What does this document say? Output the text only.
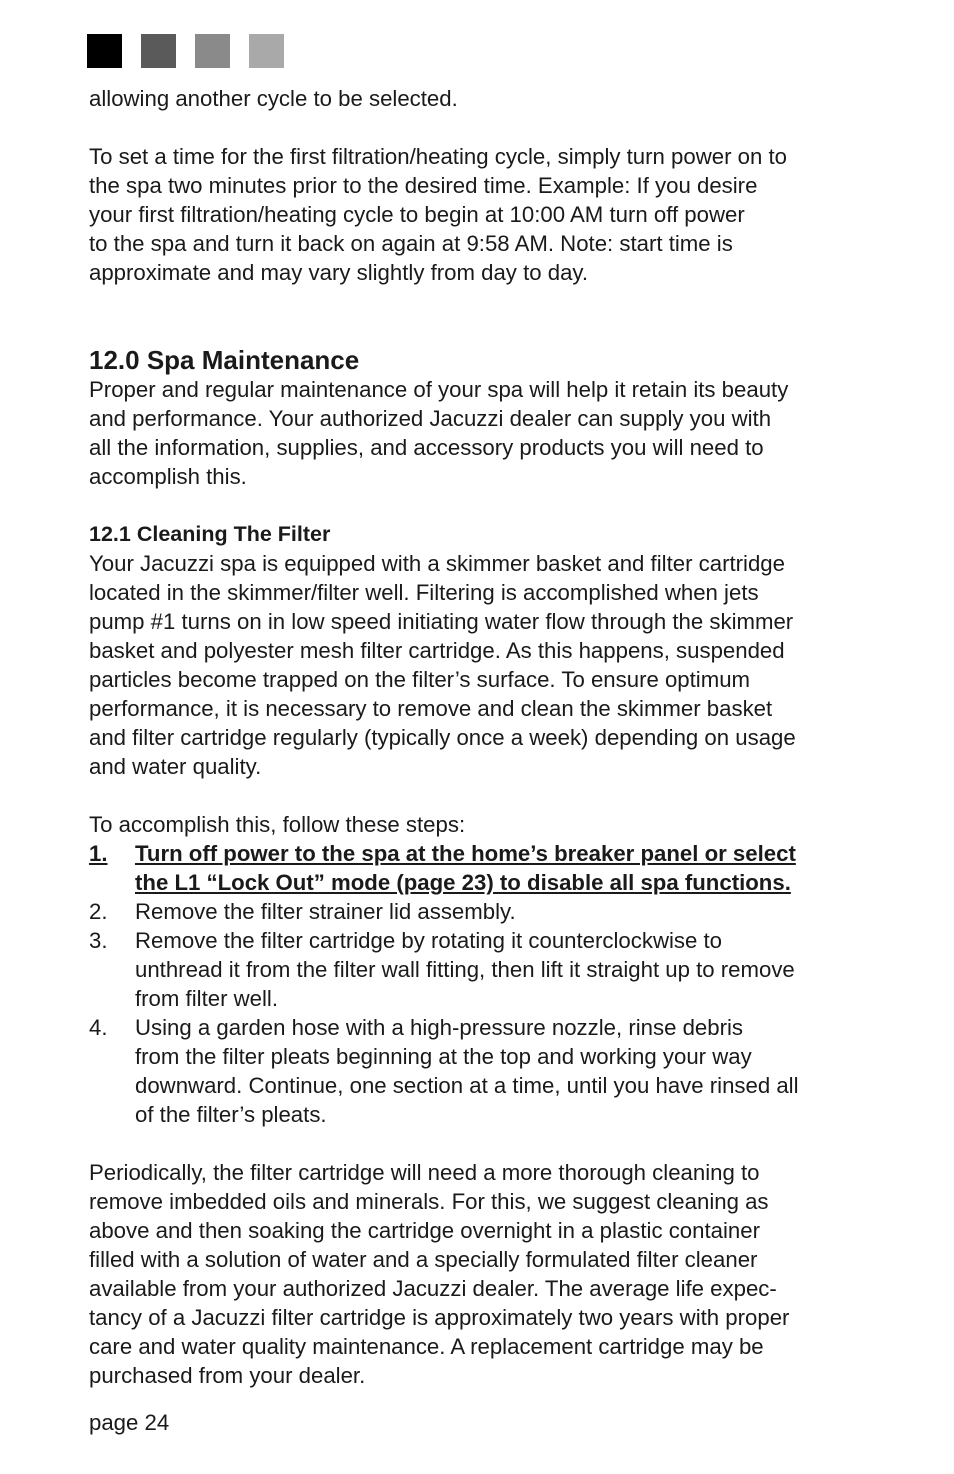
allowing another cycle to be selected.

To set a time for the first filtration/heating cycle, simply turn power on to
the spa two minutes prior to the desired time. Example: If you desire
your first filtration/heating cycle to begin at 10:00 AM turn off power
to the spa and turn it back on again at 9:58 AM. Note: start time is
approximate and may vary slightly from day to day.

12.0 Spa Maintenance

Proper and regular maintenance of your spa will help it retain its beauty
and performance. Your authorized Jacuzzi dealer can supply you with
all the information, supplies, and accessory products you will need to
accomplish this.

12.1 Cleaning The Filter

Your Jacuzzi spa is equipped with a skimmer basket and filter cartridge
located in the skimmer/filter well. Filtering is accomplished when jets
pump #1 turns on in low speed initiating water flow through the skimmer
basket and polyester mesh filter cartridge. As this happens, suspended
particles become trapped on the filter’s surface. To ensure optimum
performance, it is necessary to remove and clean the skimmer basket
and filter cartridge regularly (typically once a week) depending on usage
and water quality.

To accomplish this, follow these steps:

1.	Turn off power to the spa at the home’s breaker panel or select
the L1 “Lock Out” mode (page 23) to disable all spa functions.
2.	Remove the filter strainer lid assembly.
3.	Remove the filter cartridge by rotating it counterclockwise to
unthread it from the filter wall fitting, then lift it straight up to remove
from filter well.
4.	Using a garden hose with a high-pressure nozzle, rinse debris
from the filter pleats beginning at the top and working your way
downward. Continue, one section at a time, until you have rinsed all
of the filter’s pleats.

Periodically, the filter cartridge will need a more thorough cleaning to
remove imbedded oils and minerals. For this, we suggest cleaning as
above and then soaking the cartridge overnight in a plastic container
filled with a solution of water and a specially formulated filter cleaner
available from your authorized Jacuzzi dealer. The average life expec-
tancy of a Jacuzzi filter cartridge is approximately two years with proper
care and water quality maintenance. A replacement cartridge may be
purchased from your dealer.

page 24
